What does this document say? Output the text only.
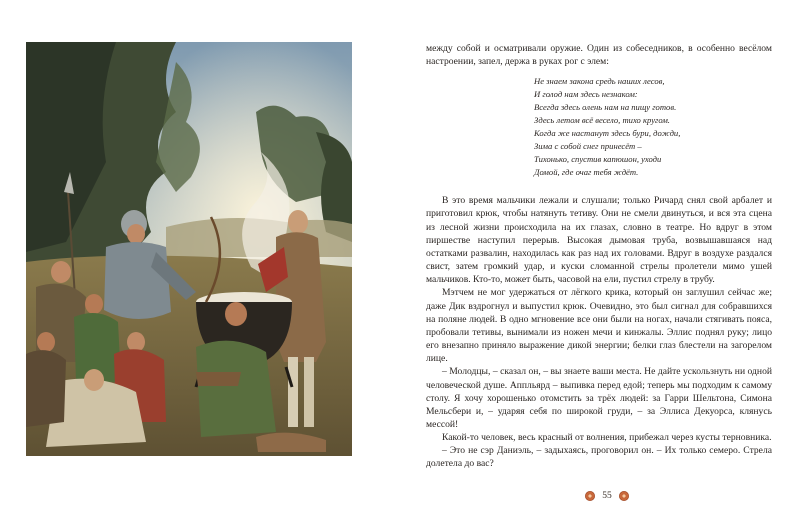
между собой и осматривали оружие. Один из собеседников, в особенно весёлом настроении, запел, держа в руках рог с элем:

Не знаем закона средь наших лесов,
И голод нам здесь незнаком:
Всегда здесь олень нам на пищу готов.
Здесь летом всё весело, тихо кругом.
Когда же настанут здесь бури, дожди,
Зима с собой снег принесёт –
Тихонько, спустив капюшон, уходи
Домой, где очаг тебя ждёт.

В это время мальчики лежали и слушали; только Ричард снял свой арбалет и приготовил крюк, чтобы натянуть тетиву. Они не смели двинуться, и вся эта сцена из лесной жизни происходила на их глазах, словно в театре. Но вдруг в этом пиршестве наступил перерыв. Высокая дымовая труба, возвышавшаяся над остатками развалин, находилась как раз над их головами. Вдруг в воздухе раздался свист, затем громкий удар, и куски сломанной стрелы пролетели мимо ушей мальчиков. Кто-то, может быть, часовой на ели, пустил стрелу в трубу.

Мэтчем не мог удержаться от лёгкого крика, который он заглушил сейчас же; даже Дик вздрогнул и выпустил крюк. Очевидно, это был сигнал для собравшихся на поляне людей. В одно мгновение все они были на ногах, начали стягивать пояса, пробовали тетивы, вынимали из ножен мечи и кинжалы. Эллис поднял руку; лицо его внезапно приняло выражение дикой энергии; белки глаз блестели на загорелом лице.

– Молодцы, – сказал он, – вы знаете ваши места. Не дайте ускользнуть ни одной человеческой душе. Аппльярд – выпивка перед едой; теперь мы подходим к самому столу. Я хочу хорошенько отомстить за трёх людей: за Гарри Шельтона, Симона Мельсбери и, – ударяя себя по широкой груди, – за Эллиса Декуорса, клянусь мессой!

Какой-то человек, весь красный от волнения, прибежал через кусты терновника.

– Это не сэр Даниэль, – задыхаясь, проговорил он. – Их только семеро. Стрела долетела до вас?

55
